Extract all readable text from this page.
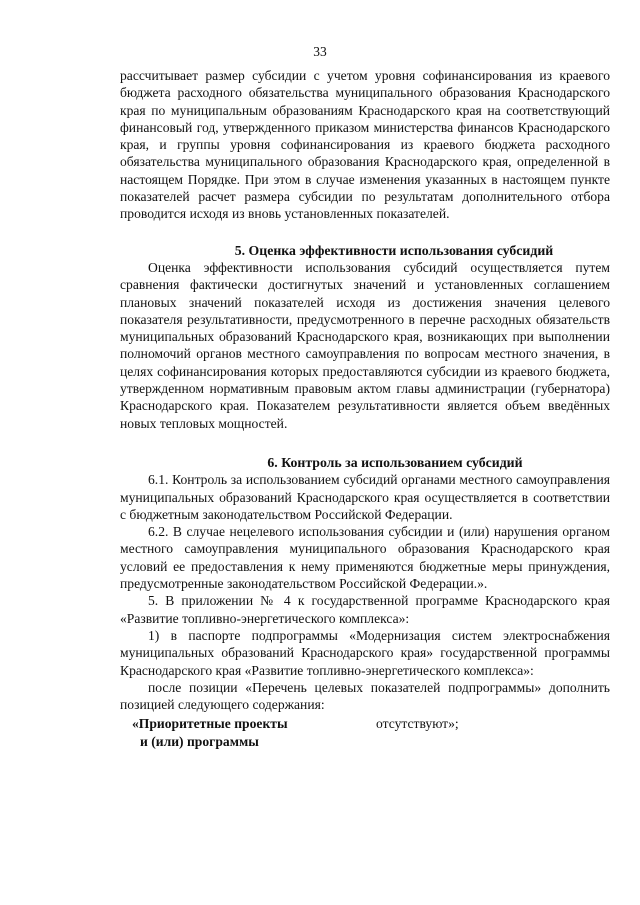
33

рассчитывает размер субсидии с учетом уровня софинансирования из краевого бюджета расходного обязательства муниципального образования Краснодарского края по муниципальным образованиям Краснодарского края на соответствующий финансовый год, утвержденного приказом министерства финансов Краснодарского края, и группы уровня софинансирования из краевого бюджета расходного обязательства муниципального образования Краснодарского края, определенной в настоящем Порядке. При этом в случае изменения указанных в настоящем пункте показателей расчет размера субсидии по результатам дополнительного отбора проводится исходя из вновь установленных показателей.

5. Оценка эффективности использования субсидий

Оценка эффективности использования субсидий осуществляется путем сравнения фактически достигнутых значений и установленных соглашением плановых значений показателей исходя из достижения значения целевого показателя результативности, предусмотренного в перечне расходных обязательств муниципальных образований Краснодарского края, возникающих при выполнении полномочий органов местного самоуправления по вопросам местного значения, в целях софинансирования которых предоставляются субсидии из краевого бюджета, утвержденном нормативным правовым актом главы администрации (губернатора) Краснодарского края. Показателем результативности является объем введённых новых тепловых мощностей.

6. Контроль за использованием субсидий

6.1. Контроль за использованием субсидий органами местного самоуправления муниципальных образований Краснодарского края осуществляется в соответствии с бюджетным законодательством Российской Федерации.

6.2. В случае нецелевого использования субсидии и (или) нарушения органом местного самоуправления муниципального образования Краснодарского края условий ее предоставления к нему применяются бюджетные меры принуждения, предусмотренные законодательством Российской Федерации.».

5. В приложении № 4 к государственной программе Краснодарского края «Развитие топливно-энергетического комплекса»:

1) в паспорте подпрограммы «Модернизация систем электроснабжения муниципальных образований Краснодарского края» государственной программы Краснодарского края «Развитие топливно-энергетического комплекса»:

после позиции «Перечень целевых показателей подпрограммы» дополнить позицией следующего содержания:

«Приоритетные проекты	отсутствуют»;
и (или) программы
